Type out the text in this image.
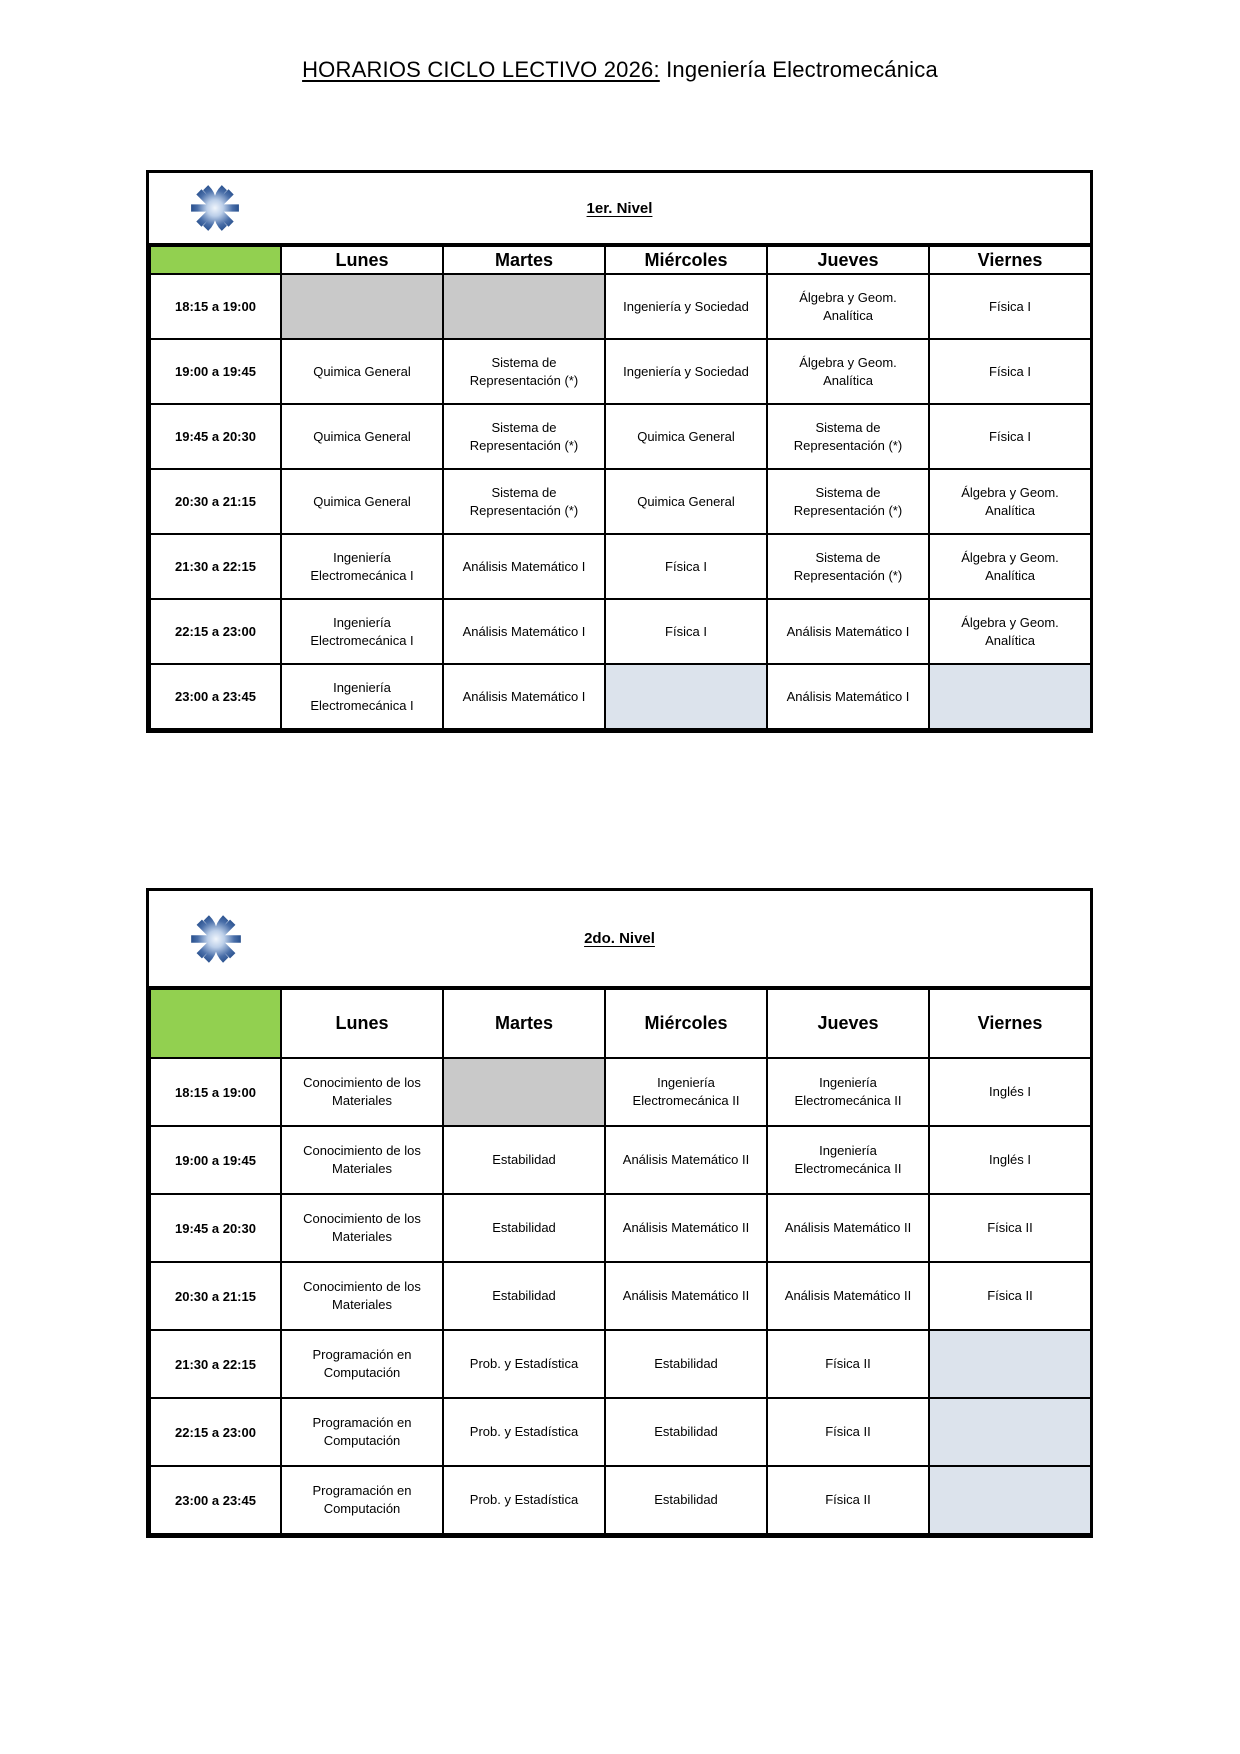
HORARIOS CICLO LECTIVO 2026: Ingeniería Electromecánica
1er. Nivel
	Lunes	Martes	Miércoles	Jueves	Viernes
18:15 a 19:00			Ingeniería y Sociedad	Álgebra y Geom. Analítica	Física I
19:00 a 19:45	Quimica General	Sistema de Representación (*)	Ingeniería y Sociedad	Álgebra y Geom. Analítica	Física I
19:45 a 20:30	Quimica General	Sistema de Representación (*)	Quimica General	Sistema de Representación (*)	Física I
20:30 a 21:15	Quimica General	Sistema de Representación (*)	Quimica General	Sistema de Representación (*)	Álgebra y Geom. Analítica
21:30 a 22:15	Ingeniería Electromecánica I	Análisis Matemático I	Física I	Sistema de Representación (*)	Álgebra y Geom. Analítica
22:15 a 23:00	Ingeniería Electromecánica I	Análisis Matemático I	Física I	Análisis Matemático I	Álgebra y Geom. Analítica
23:00 a 23:45	Ingeniería Electromecánica I	Análisis Matemático I		Análisis Matemático I	
2do. Nivel
	Lunes	Martes	Miércoles	Jueves	Viernes
18:15 a 19:00	Conocimiento de los Materiales		Ingeniería Electromecánica II	Ingeniería Electromecánica II	Inglés I
19:00 a 19:45	Conocimiento de los Materiales	Estabilidad	Análisis Matemático II	Ingeniería Electromecánica II	Inglés I
19:45 a 20:30	Conocimiento de los Materiales	Estabilidad	Análisis Matemático II	Análisis Matemático II	Física II
20:30 a 21:15	Conocimiento de los Materiales	Estabilidad	Análisis Matemático II	Análisis Matemático II	Física II
21:30 a 22:15	Programación en Computación	Prob. y Estadística	Estabilidad	Física II	
22:15 a 23:00	Programación en Computación	Prob. y Estadística	Estabilidad	Física II	
23:00 a 23:45	Programación en Computación	Prob. y Estadística	Estabilidad	Física II	
